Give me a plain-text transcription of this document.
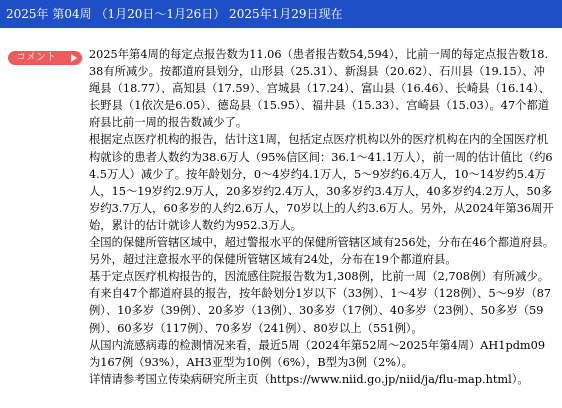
2025年 第04周 （1月20日～1月26日） 2025年1月29日现在
コメント	2025年第4周的每定点报告数为11.06（患者报告数54,594），比前一周的每定点报告数18.38有所减少。按都道府县划分，山形县（25.31）、新潟县（20.62）、石川县（19.15）、冲绳县（18.77）、高知县（17.59）、宫城县（17.24）、富山县（16.46）、长崎县（16.14）、长野县（1依次是6.05）、德岛县（15.95）、福井县（15.33）、宫崎县（15.03）。47个都道府县比前一周的报告数减少了。

根据定点医疗机构的报告，估计这1周，包括定点医疗机构以外的医疗机构在内的全国医疗机构就诊的患者人数约为38.6万人（95%信区间：36.1～41.1万人），前一周的估计值比（约64.5万人）减少了。按年龄划分，0～4岁约4.1万人，5～9岁约6.4万人，10～14岁约5.4万人，15～19岁约2.9万人，20多岁约2.4万人，30多岁约3.4万人，40多岁约4.2万人，50多岁约3.7万人，60多岁的人约2.6万人，70岁以上的人约3.6万人。另外，从2024年第36周开始，累计的估计就诊人数约为952.3万人。

全国的保健所管辖区域中，超过警报水平的保健所管辖区域有256处，分布在46个都道府县。另外，超过注意报水平的保健所管辖区域有24处，分布在19个都道府县。

基于定点医疗机构报告的，因流感住院报告数为1,308例，比前一周（2,708例）有所减少。有来自47个都道府县的报告，按年龄划分1岁以下（33例）、1～4岁（128例）、5～9岁（87例）、10多岁（39例）、20多岁（13例）、30多岁（17例）、40多岁（23例）、50多岁（59例）、60多岁（117例）、70多岁（241例）、80岁以上（551例）。

从国内流感病毒的检测情况来看，最近5周（2024年第52周～2025年第4周）AH1pdm09为167例（93%），AH3亚型为10例（6%），B型为3例（2%）。

详情请参考国立传染病研究所主页（https://www.niid.go.jp/niid/ja/flu-map.html）。
